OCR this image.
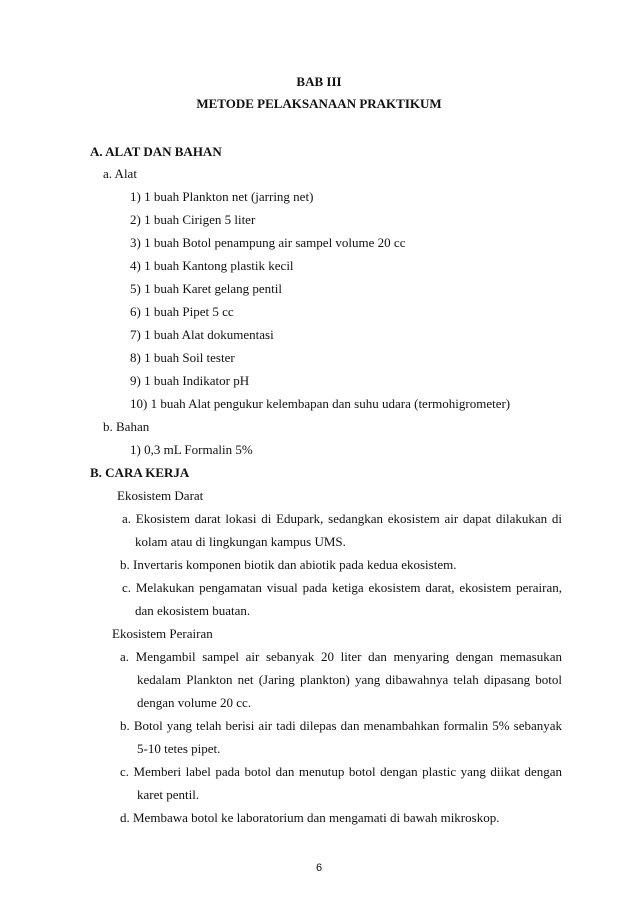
BAB III
METODE PELAKSANAAN PRAKTIKUM
A. ALAT DAN BAHAN
a. Alat
1) 1 buah Plankton net (jarring net)
2) 1 buah Cirigen 5 liter
3) 1 buah Botol penampung air sampel volume 20 cc
4) 1 buah Kantong plastik kecil
5) 1 buah Karet gelang pentil
6) 1 buah Pipet 5 cc
7) 1 buah Alat dokumentasi
8) 1 buah Soil tester
9) 1 buah Indikator pH
10) 1 buah Alat pengukur kelembapan dan suhu udara (termohigrometer)
b. Bahan
1) 0,3 mL Formalin 5%
B. CARA KERJA
Ekosistem Darat
a. Ekosistem darat lokasi di Edupark, sedangkan ekosistem air dapat dilakukan di
kolam atau di lingkungan kampus UMS.
b. Invertaris komponen biotik dan abiotik pada kedua ekosistem.
c. Melakukan pengamatan visual pada ketiga ekosistem darat, ekosistem perairan,
dan ekosistem buatan.
Ekosistem Perairan
a. Mengambil sampel air sebanyak 20 liter dan menyaring dengan memasukan
kedalam Plankton net (Jaring plankton) yang dibawahnya telah dipasang botol
dengan volume 20 cc.
b. Botol yang telah berisi air tadi dilepas dan menambahkan formalin 5% sebanyak
5-10 tetes pipet.
c. Memberi label pada botol dan menutup botol dengan plastic yang diikat dengan
karet pentil.
d. Membawa botol ke laboratorium dan mengamati di bawah mikroskop.
6
